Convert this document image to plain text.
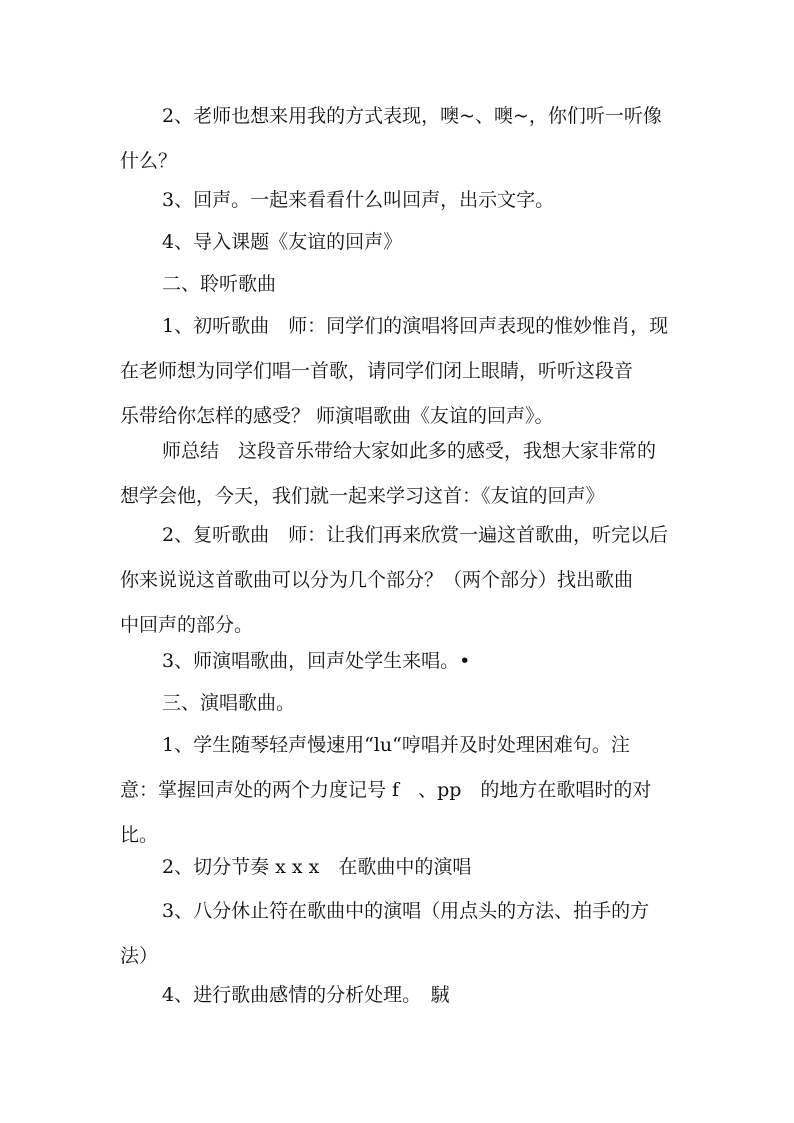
2、老师也想来用我的方式表现，噢~、噢~，你们听一听像
什么？

3、回声。一起来看看什么叫回声，出示文字。

4、导入课题《友谊的回声》

二、聆听歌曲

1、初听歌曲　师：同学们的演唱将回声表现的惟妙惟肖，现
在老师想为同学们唱一首歌，请同学们闭上眼睛，听听这段音
乐带给你怎样的感受？ 师演唱歌曲《友谊的回声》。

师总结　这段音乐带给大家如此多的感受，我想大家非常的
想学会他，今天，我们就一起来学习这首：《友谊的回声》

2、复听歌曲　师：让我们再来欣赏一遍这首歌曲，听完以后
你来说说这首歌曲可以分为几个部分？（两个部分）找出歌曲
中回声的部分。

3、师演唱歌曲，回声处学生来唱。•

三、演唱歌曲。

1、学生随琴轻声慢速用“lu“哼唱并及时处理困难句。注
意：掌握回声处的两个力度记号 f　、pp　的地方在歌唱时的对
比。

2、切分节奏 x x x　在歌曲中的演唱

3、八分休止符在歌曲中的演唱（用点头的方法、拍手的方
法）

4、进行歌曲感情的分析处理。　駥
